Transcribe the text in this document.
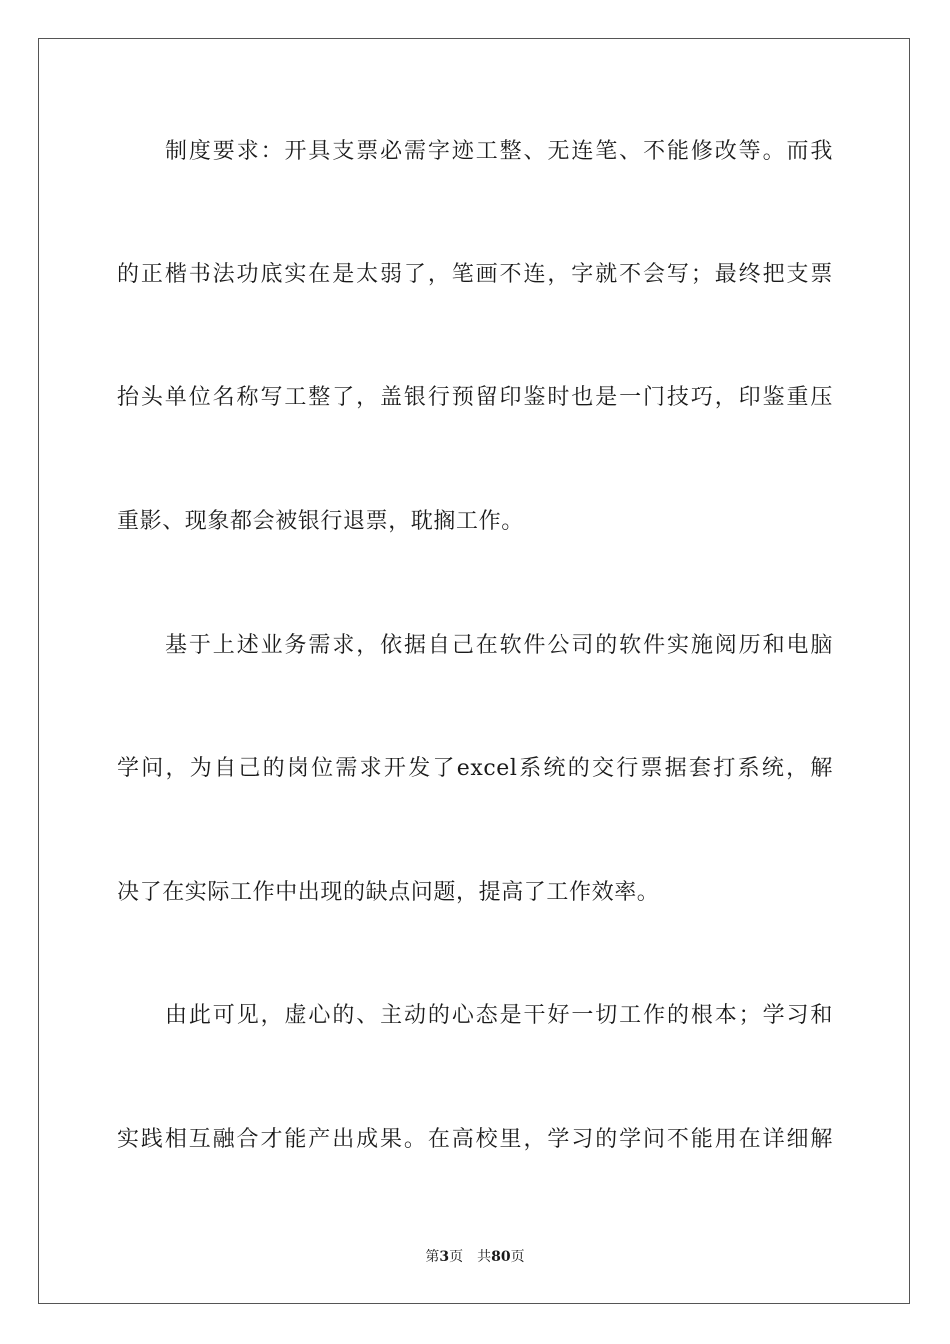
制度要求：开具支票必需字迹工整、无连笔、不能修改等。而我
的正楷书法功底实在是太弱了，笔画不连，字就不会写；最终把支票
抬头单位名称写工整了，盖银行预留印鉴时也是一门技巧，印鉴重压
重影、现象都会被银行退票，耽搁工作。
基于上述业务需求，依据自己在软件公司的软件实施阅历和电脑
学问，为自己的岗位需求开发了excel系统的交行票据套打系统，解
决了在实际工作中出现的缺点问题，提高了工作效率。
由此可见，虚心的、主动的心态是干好一切工作的根本；学习和
实践相互融合才能产出成果。在高校里，学习的学问不能用在详细解
第3页 共80页
